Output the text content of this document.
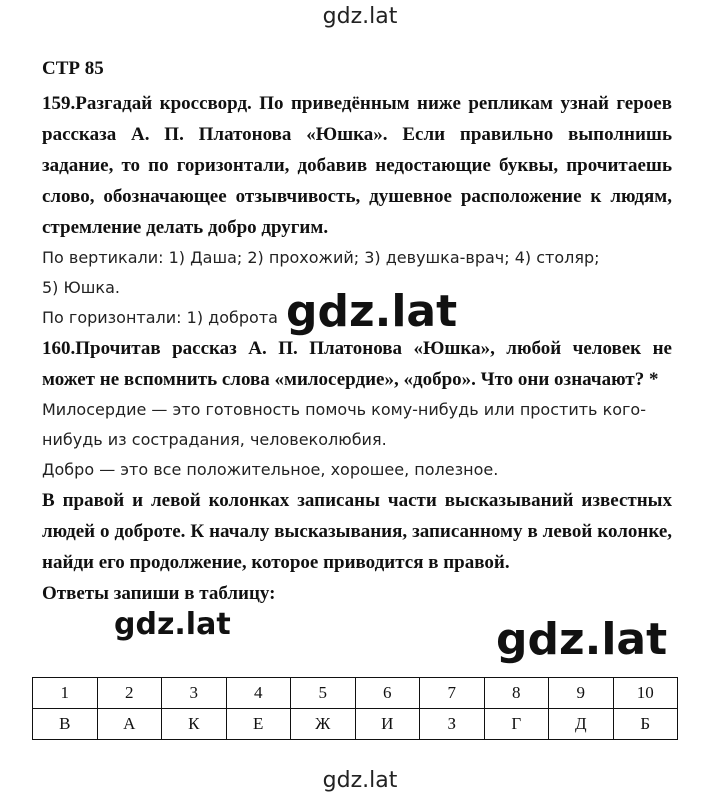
gdz.lat
СТР 85

159.Разгадай кроссворд. По приведённым ниже репликам узнай героев рассказа А. П. Платонова «Юшка». Если правильно выполнишь задание, то по горизонтали, добавив недостающие буквы, прочитаешь слово, обозначающее отзывчивость, душевное расположение к людям, стремление делать добро другим.

По вертикали: 1) Даша; 2) прохожий; 3) девушка-врач; 4) столяр;
5) Юшка.
По горизонтали: 1) доброта

160.Прочитав рассказ А. П. Платонова «Юшка», любой человек не может не вспомнить слова «милосердие», «добро». Что они означают? *

Милосердие — это готовность помочь кому-нибудь или простить кого-нибудь из сострадания, человеколюбия.

Добро — это все положительное, хорошее, полезное.

В правой и левой колонках записаны части высказываний известных людей о доброте. К началу высказывания, записанному в левой колонке, найди его продолжение, которое приводится в правой.

Ответы запиши в таблицу:

1	2	3	4	5	6	7	8	9	10
В	А	К	Е	Ж	И	З	Г	Д	Б
gdz.lat
gdz.lat	gdz.lat
gdz.lat
